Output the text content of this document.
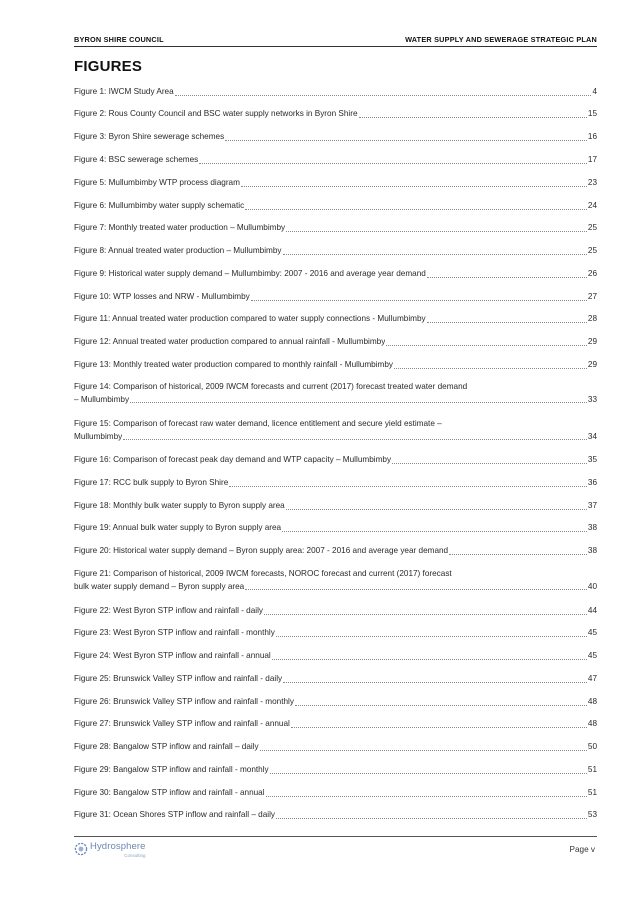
BYRON SHIRE COUNCIL	WATER SUPPLY AND SEWERAGE STRATEGIC PLAN
FIGURES
Figure 1: IWCM Study Area	4
Figure 2: Rous County Council and BSC water supply networks in Byron Shire	15
Figure 3: Byron Shire sewerage schemes	16
Figure 4: BSC sewerage schemes	17
Figure 5: Mullumbimby WTP process diagram	23
Figure 6: Mullumbimby water supply schematic	24
Figure 7: Monthly treated water production – Mullumbimby	25
Figure 8: Annual treated water production – Mullumbimby	25
Figure 9: Historical water supply demand – Mullumbimby: 2007 - 2016 and average year demand	26
Figure 10: WTP losses and NRW - Mullumbimby	27
Figure 11: Annual treated water production compared to water supply connections - Mullumbimby	28
Figure 12: Annual treated water production compared to annual rainfall - Mullumbimby	29
Figure 13: Monthly treated water production compared to monthly rainfall - Mullumbimby	29
Figure 14: Comparison of historical, 2009 IWCM forecasts and current (2017) forecast treated water demand
– Mullumbimby	33
Figure 15: Comparison of forecast raw water demand, licence entitlement and secure yield estimate –
Mullumbimby	34
Figure 16: Comparison of forecast peak day demand and WTP capacity – Mullumbimby	35
Figure 17: RCC bulk supply to Byron Shire	36
Figure 18: Monthly bulk water supply to Byron supply area	37
Figure 19: Annual bulk water supply to Byron supply area	38
Figure 20: Historical water supply demand – Byron supply area: 2007 - 2016 and average year demand	38
Figure 21: Comparison of historical, 2009 IWCM forecasts, NOROC forecast and current (2017) forecast
bulk water supply demand – Byron supply area	40
Figure 22: West Byron STP inflow and rainfall - daily	44
Figure 23: West Byron STP inflow and rainfall - monthly	45
Figure 24: West Byron STP inflow and rainfall - annual	45
Figure 25: Brunswick Valley STP inflow and rainfall - daily	47
Figure 26: Brunswick Valley STP inflow and rainfall - monthly	48
Figure 27: Brunswick Valley STP inflow and rainfall - annual	48
Figure 28: Bangalow STP inflow and rainfall – daily	50
Figure 29: Bangalow STP inflow and rainfall - monthly	51
Figure 30: Bangalow STP inflow and rainfall - annual	51
Figure 31: Ocean Shores STP inflow and rainfall – daily	53
Hydrosphere
Consulting
Page v
